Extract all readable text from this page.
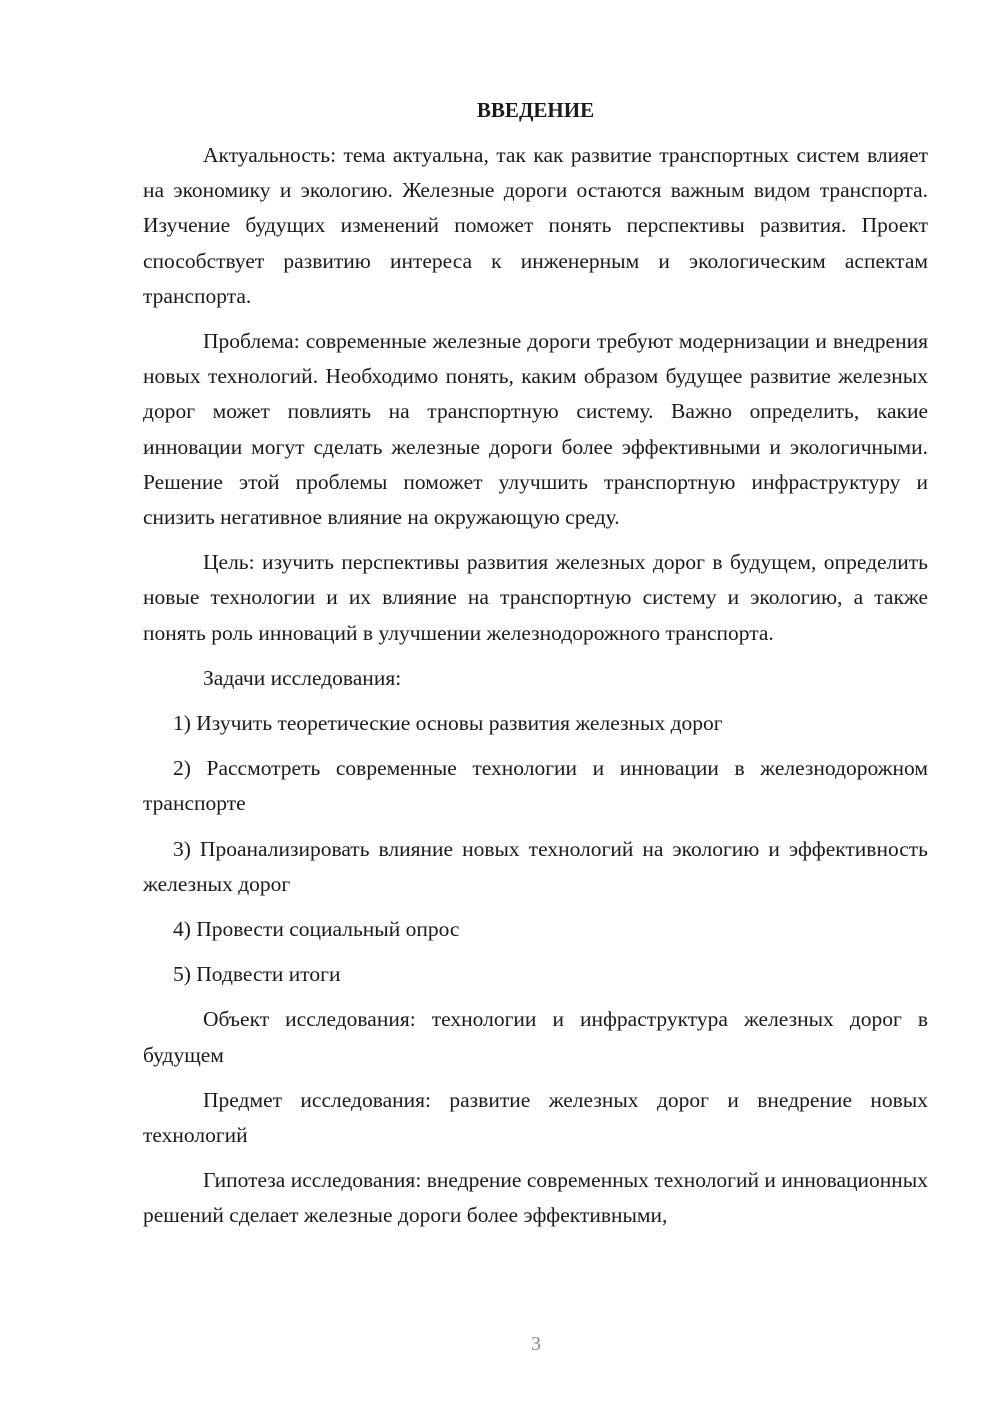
ВВЕДЕНИЕ

Актуальность: тема актуальна, так как развитие транспортных систем влияет на экономику и экологию. Железные дороги остаются важным видом транспорта. Изучение будущих изменений поможет понять перспективы развития. Проект способствует развитию интереса к инженерным и экологическим аспектам транспорта.

Проблема: современные железные дороги требуют модернизации и внедрения новых технологий. Необходимо понять, каким образом будущее развитие железных дорог может повлиять на транспортную систему. Важно определить, какие инновации могут сделать железные дороги более эффективными и экологичными. Решение этой проблемы поможет улучшить транспортную инфраструктуру и снизить негативное влияние на окружающую среду.

Цель: изучить перспективы развития железных дорог в будущем, определить новые технологии и их влияние на транспортную систему и экологию, а также понять роль инноваций в улучшении железнодорожного транспорта.

Задачи исследования:

1) Изучить теоретические основы развития железных дорог

2) Рассмотреть современные технологии и инновации в железнодорожном транспорте

3) Проанализировать влияние новых технологий на экологию и эффективность железных дорог

4) Провести социальный опрос

5) Подвести итоги

Объект исследования: технологии и инфраструктура железных дорог в будущем

Предмет исследования: развитие железных дорог и внедрение новых технологий

Гипотеза исследования: внедрение современных технологий и инновационных решений сделает железные дороги более эффективными,

3
